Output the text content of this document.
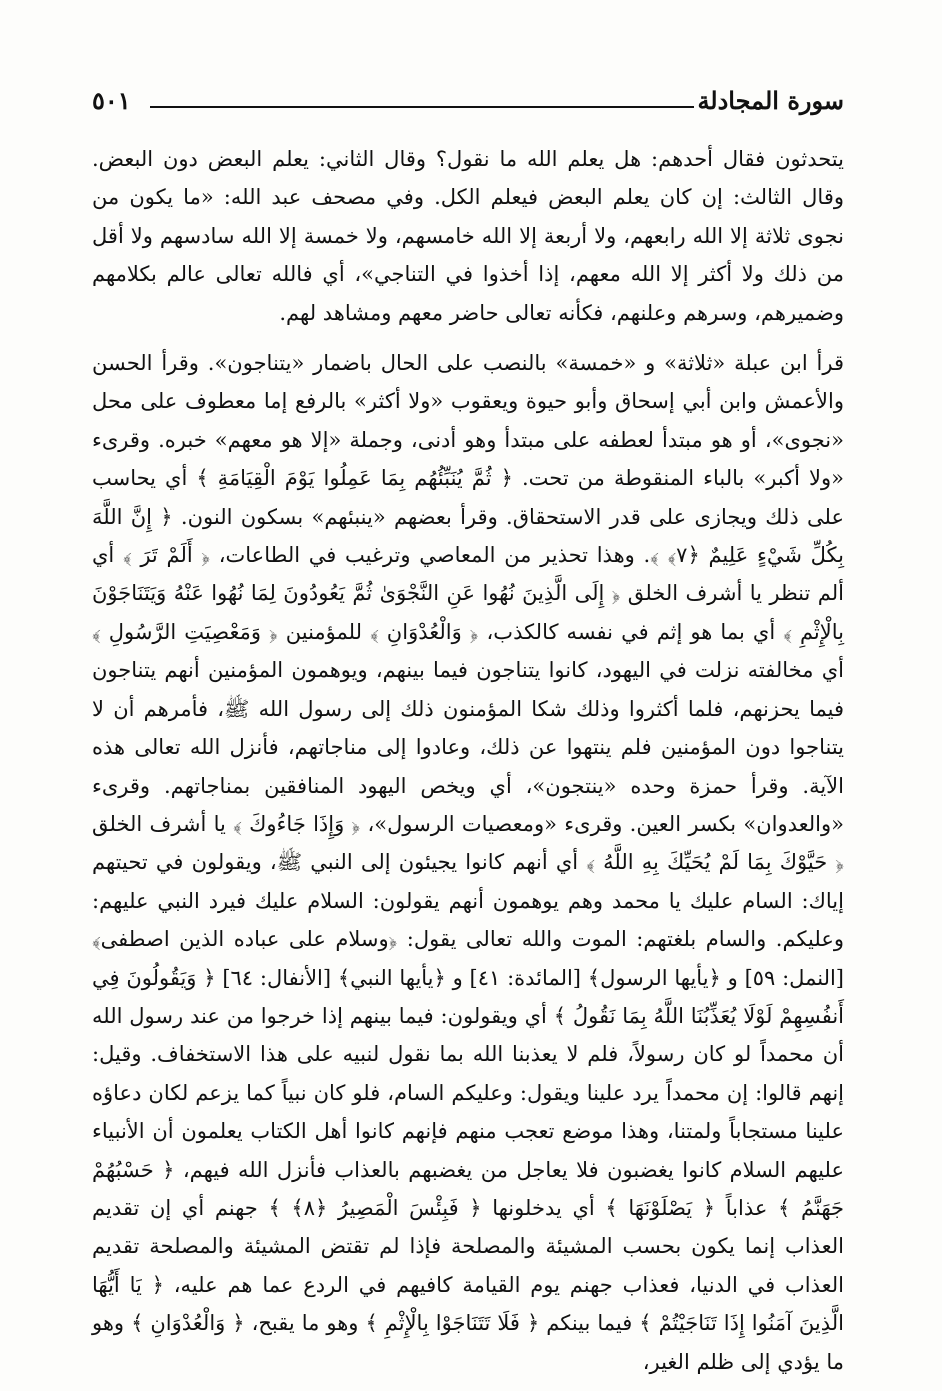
سورة المجادلة
٥٠١

يتحدثون فقال أحدهم: هل يعلم الله ما نقول؟ وقال الثاني: يعلم البعض دون البعض. وقال الثالث: إن كان يعلم البعض فيعلم الكل. وفي مصحف عبد الله: «ما يكون من نجوى ثلاثة إلا الله رابعهم، ولا أربعة إلا الله خامسهم، ولا خمسة إلا الله سادسهم ولا أقل من ذلك ولا أكثر إلا الله معهم، إذا أخذوا في التناجي»، أي فالله تعالى عالم بكلامهم وضميرهم، وسرهم وعلنهم، فكأنه تعالى حاضر معهم ومشاهد لهم.

قرأ ابن عبلة «ثلاثة» و «خمسة» بالنصب على الحال باضمار «يتناجون». وقرأ الحسن والأعمش وابن أبي إسحاق وأبو حيوة ويعقوب «ولا أكثر» بالرفع إما معطوف على محل «نجوى»، أو هو مبتدأ لعطفه على مبتدأ وهو أدنى، وجملة «إلا هو معهم» خبره. وقرىء «ولا أكبر» بالباء المنقوطة من تحت. ﴿ ثُمَّ يُنَبِّئُهُم بِمَا عَمِلُوا يَوْمَ الْقِيَامَةِ ﴾ أي يحاسب على ذلك ويجازى على قدر الاستحقاق. وقرأ بعضهم «ينبئهم» بسكون النون. ﴿ إِنَّ اللَّهَ بِكُلِّ شَيْءٍ عَلِيمٌ ﴿٧﴾ ﴾. وهذا تحذير من المعاصي وترغيب في الطاعات، ﴿ أَلَمْ تَرَ ﴾ أي ألم تنظر يا أشرف الخلق ﴿ إِلَى الَّذِينَ نُهُوا عَنِ النَّجْوَىٰ ثُمَّ يَعُودُونَ لِمَا نُهُوا عَنْهُ وَيَتَنَاجَوْنَ بِالْإِثْمِ ﴾ أي بما هو إثم في نفسه كالكذب، ﴿ وَالْعُدْوَانِ ﴾ للمؤمنين ﴿ وَمَعْصِيَتِ الرَّسُولِ ﴾ أي مخالفته نزلت في اليهود، كانوا يتناجون فيما بينهم، ويوهمون المؤمنين أنهم يتناجون فيما يحزنهم، فلما أكثروا وذلك شكا المؤمنون ذلك إلى رسول الله ﷺ، فأمرهم أن لا يتناجوا دون المؤمنين فلم ينتهوا عن ذلك، وعادوا إلى مناجاتهم، فأنزل الله تعالى هذه الآية. وقرأ حمزة وحده «ينتجون»، أي ويخص اليهود المنافقين بمناجاتهم. وقرىء «والعدوان» بكسر العين. وقرىء «ومعصيات الرسول»، ﴿ وَإِذَا جَاءُوكَ ﴾ يا أشرف الخلق ﴿ حَيَّوْكَ بِمَا لَمْ يُحَيِّكَ بِهِ اللَّهُ ﴾ أي أنهم كانوا يجيئون إلى النبي ﷺ، ويقولون في تحيتهم إياك: السام عليك يا محمد وهم يوهمون أنهم يقولون: السلام عليك فيرد النبي عليهم: وعليكم. والسام بلغتهم: الموت والله تعالى يقول: ﴿وسلام على عباده الذين اصطفى﴾ [النمل: ٥٩] و ﴿يأيها الرسول﴾ [المائدة: ٤١] و ﴿يأيها النبي﴾ [الأنفال: ٦٤] ﴿ وَيَقُولُونَ فِي أَنفُسِهِمْ لَوْلَا يُعَذِّبُنَا اللَّهُ بِمَا نَقُولُ ﴾ أي ويقولون: فيما بينهم إذا خرجوا من عند رسول الله أن محمداً لو كان رسولاً، فلم لا يعذبنا الله بما نقول لنبيه على هذا الاستخفاف. وقيل: إنهم قالوا: إن محمداً يرد علينا ويقول: وعليكم السام، فلو كان نبياً كما يزعم لكان دعاؤه علينا مستجاباً ولمتنا، وهذا موضع تعجب منهم فإنهم كانوا أهل الكتاب يعلمون أن الأنبياء عليهم السلام كانوا يغضبون فلا يعاجل من يغضبهم بالعذاب فأنزل الله فيهم، ﴿ حَسْبُهُمْ جَهَنَّمُ ﴾ عذاباً ﴿ يَصْلَوْنَهَا ﴾ أي يدخلونها ﴿ فَبِئْسَ الْمَصِيرُ ﴿٨﴾ ﴾ جهنم أي إن تقديم العذاب إنما يكون بحسب المشيئة والمصلحة فإذا لم تقتض المشيئة والمصلحة تقديم العذاب في الدنيا، فعذاب جهنم يوم القيامة كافيهم في الردع عما هم عليه، ﴿ يَا أَيُّهَا الَّذِينَ آمَنُوا إِذَا تَنَاجَيْتُمْ ﴾ فيما بينكم ﴿ فَلَا تَتَنَاجَوْا بِالْإِثْمِ ﴾ وهو ما يقبح، ﴿ وَالْعُدْوَانِ ﴾ وهو ما يؤدي إلى ظلم الغير،
